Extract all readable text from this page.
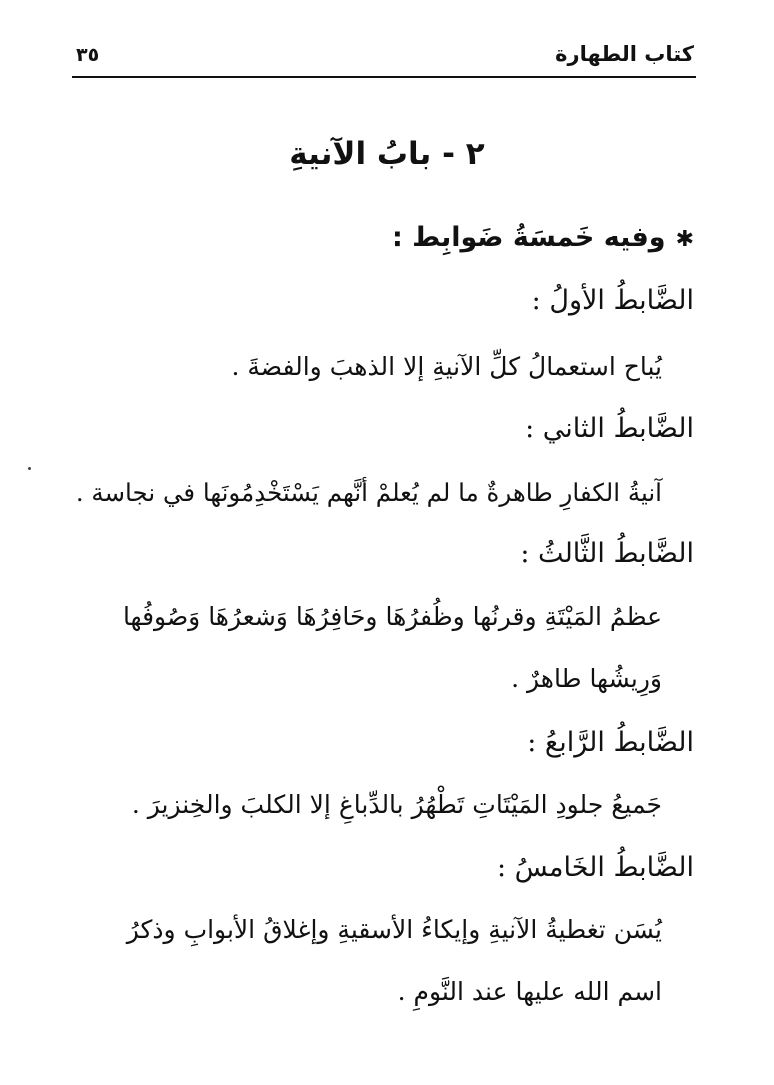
كتاب الطهارة
٣٥
٢ - بابُ الآنيةِ
✱وفيه خَمسَةُ ضَوابِط :
الضَّابطُ الأولُ :
يُباح استعمالُ كلِّ الآنيةِ إلا الذهبَ والفضةَ .
الضَّابطُ الثاني :
آنيةُ الكفارِ طاهرةٌ ما لم يُعلمْ أنَّهم يَسْتَخْدِمُونَها في نجاسة .
الضَّابطُ الثَّالثُ :
عظمُ المَيْتَةِ وقرنُها وظُفرُهَا وحَافِرُهَا وَشعرُهَا وَصُوفُها
وَرِيشُها طاهرٌ .
الضَّابطُ الرَّابعُ :
جَميعُ جلودِ المَيْتَاتِ تَطْهُرُ بالدِّباغِ إلا الكلبَ والخِنزيرَ .
الضَّابطُ الخَامسُ :
يُسَن تغطيةُ الآنيةِ وإيكاءُ الأسقيةِ وإغلاقُ الأبوابِ وذكرُ
اسم الله عليها عند النَّومِ .
